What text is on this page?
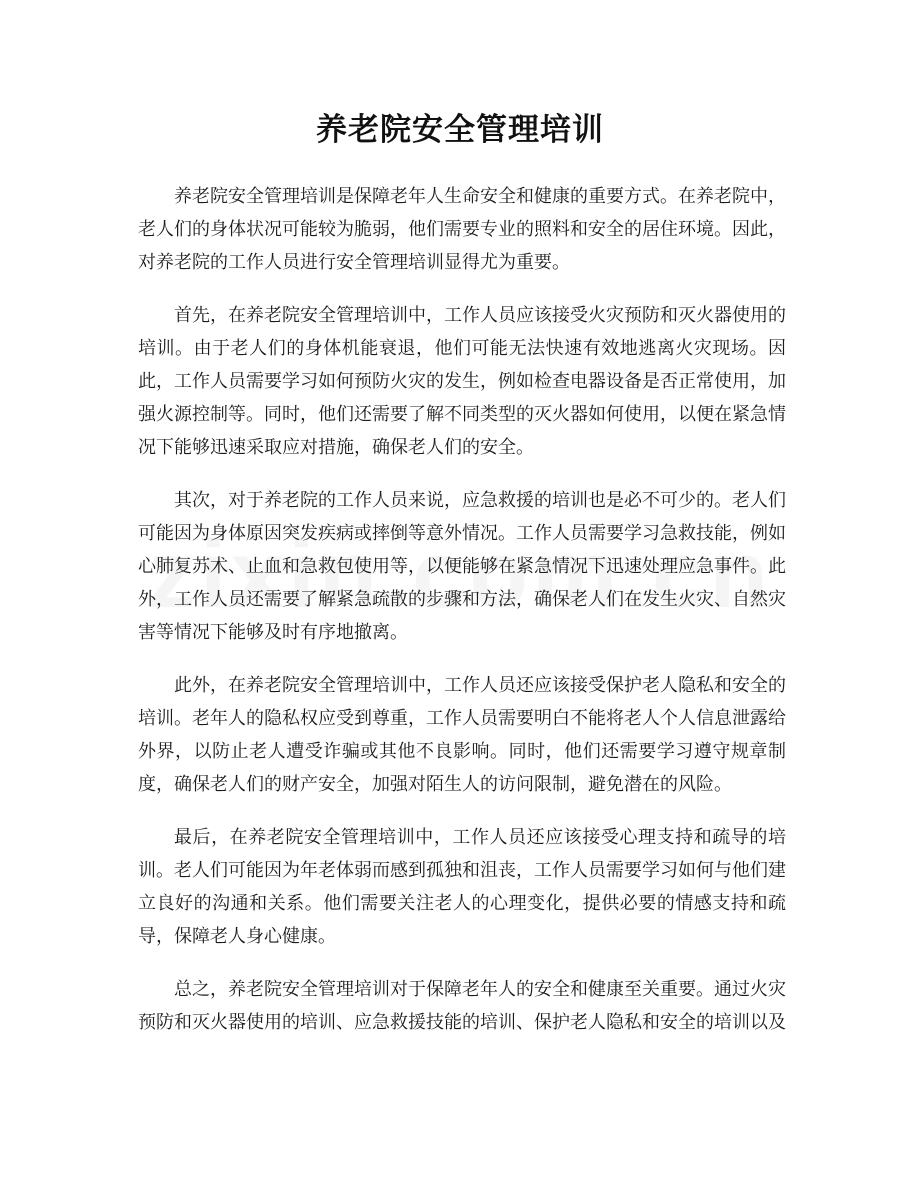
养老院安全管理培训

养老院安全管理培训是保障老年人生命安全和健康的重要方式。在养老院中，老人们的身体状况可能较为脆弱，他们需要专业的照料和安全的居住环境。因此，对养老院的工作人员进行安全管理培训显得尤为重要。

首先，在养老院安全管理培训中，工作人员应该接受火灾预防和灭火器使用的培训。由于老人们的身体机能衰退，他们可能无法快速有效地逃离火灾现场。因此，工作人员需要学习如何预防火灾的发生，例如检查电器设备是否正常使用，加强火源控制等。同时，他们还需要了解不同类型的灭火器如何使用，以便在紧急情况下能够迅速采取应对措施，确保老人们的安全。

其次，对于养老院的工作人员来说，应急救援的培训也是必不可少的。老人们可能因为身体原因突发疾病或摔倒等意外情况。工作人员需要学习急救技能，例如心肺复苏术、止血和急救包使用等，以便能够在紧急情况下迅速处理应急事件。此外，工作人员还需要了解紧急疏散的步骤和方法，确保老人们在发生火灾、自然灾害等情况下能够及时有序地撤离。

此外，在养老院安全管理培训中，工作人员还应该接受保护老人隐私和安全的培训。老年人的隐私权应受到尊重，工作人员需要明白不能将老人个人信息泄露给外界，以防止老人遭受诈骗或其他不良影响。同时，他们还需要学习遵守规章制度，确保老人们的财产安全，加强对陌生人的访问限制，避免潜在的风险。

最后，在养老院安全管理培训中，工作人员还应该接受心理支持和疏导的培训。老人们可能因为年老体弱而感到孤独和沮丧，工作人员需要学习如何与他们建立良好的沟通和关系。他们需要关注老人的心理变化，提供必要的情感支持和疏导，保障老人身心健康。

总之，养老院安全管理培训对于保障老年人的安全和健康至关重要。通过火灾预防和灭火器使用的培训、应急救援技能的培训、保护老人隐私和安全的培训以及
